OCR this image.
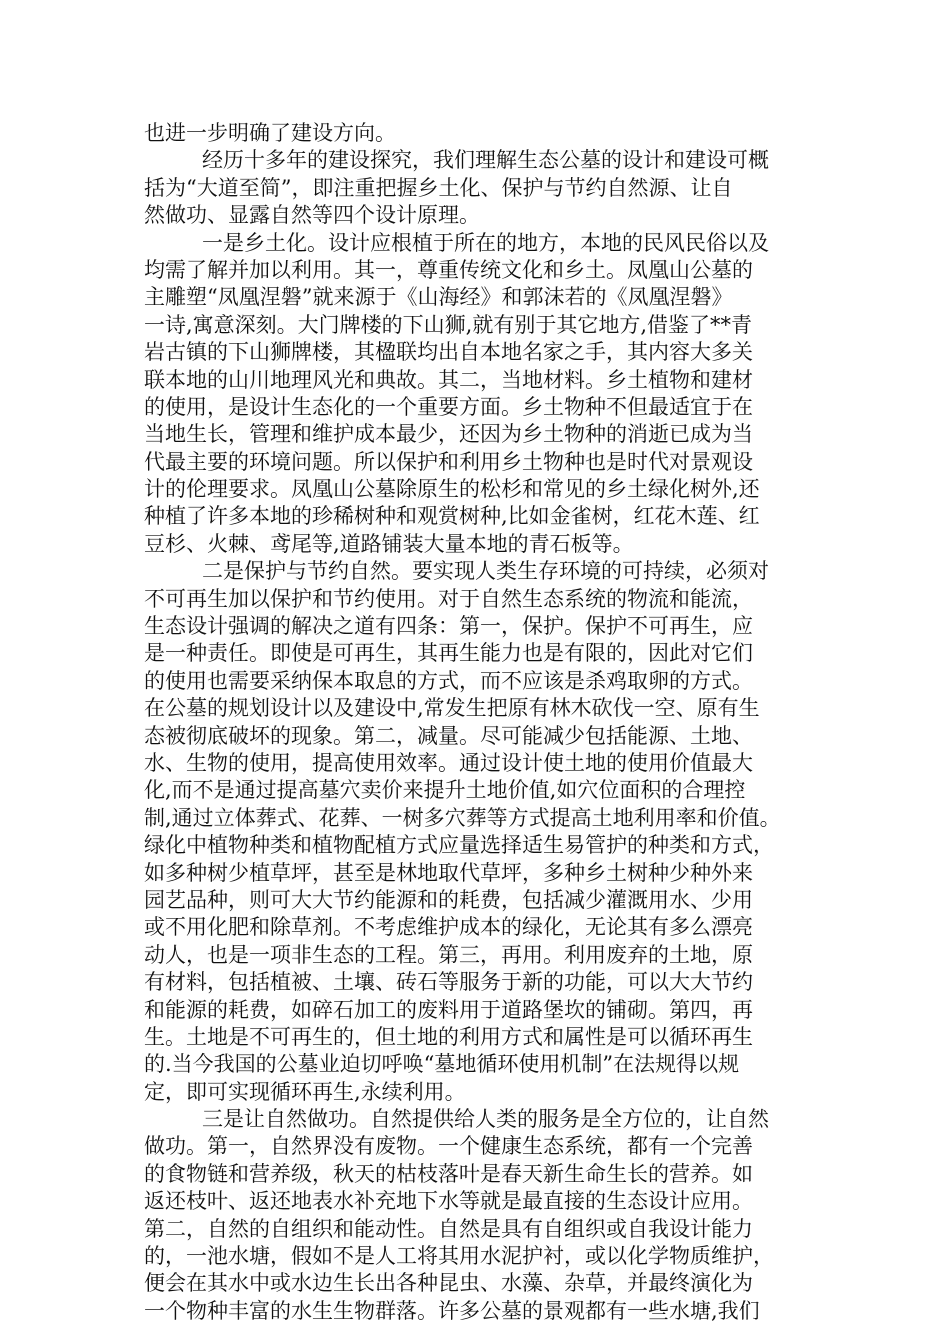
也进一步明确了建设方向。
经历十多年的建设探究，我们理解生态公墓的设计和建设可概
括为“大道至简”，即注重把握乡土化、保护与节约自然源、让自
然做功、显露自然等四个设计原理。
一是乡土化。设计应根植于所在的地方，本地的民风民俗以及
均需了解并加以利用。其一，尊重传统文化和乡土。凤凰山公墓的
主雕塑“凤凰涅磐”就来源于《山海经》和郭沫若的《凤凰涅磐》
一诗,寓意深刻。大门牌楼的下山狮,就有别于其它地方,借鉴了**青
岩古镇的下山狮牌楼，其楹联均出自本地名家之手，其内容大多关
联本地的山川地理风光和典故。其二，当地材料。乡土植物和建材
的使用，是设计生态化的一个重要方面。乡土物种不但最适宜于在
当地生长，管理和维护成本最少，还因为乡土物种的消逝已成为当
代最主要的环境问题。所以保护和利用乡土物种也是时代对景观设
计的伦理要求。凤凰山公墓除原生的松杉和常见的乡土绿化树外,还
种植了许多本地的珍稀树种和观赏树种,比如金雀树，红花木莲、红
豆杉、火棘、鸢尾等,道路铺装大量本地的青石板等。
二是保护与节约自然。要实现人类生存环境的可持续，必须对
不可再生加以保护和节约使用。对于自然生态系统的物流和能流，
生态设计强调的解决之道有四条：第一，保护。保护不可再生，应
是一种责任。即使是可再生，其再生能力也是有限的，因此对它们
的使用也需要采纳保本取息的方式，而不应该是杀鸡取卵的方式。
在公墓的规划设计以及建设中,常发生把原有林木砍伐一空、原有生
态被彻底破坏的现象。第二，减量。尽可能减少包括能源、土地、
水、生物的使用，提高使用效率。通过设计使土地的使用价值最大
化,而不是通过提高墓穴卖价来提升土地价值,如穴位面积的合理控
制,通过立体葬式、花葬、一树多穴葬等方式提高土地利用率和价值。
绿化中植物种类和植物配植方式应量选择适生易管护的种类和方式，
如多种树少植草坪，甚至是林地取代草坪，多种乡土树种少种外来
园艺品种，则可大大节约能源和的耗费，包括减少灌溉用水、少用
或不用化肥和除草剂。不考虑维护成本的绿化，无论其有多么漂亮
动人，也是一项非生态的工程。第三，再用。利用废弃的土地，原
有材料，包括植被、土壤、砖石等服务于新的功能，可以大大节约
和能源的耗费，如碎石加工的废料用于道路堡坎的铺砌。第四，再
生。土地是不可再生的，但土地的利用方式和属性是可以循环再生
的.当今我国的公墓业迫切呼唤“墓地循环使用机制”在法规得以规
定，即可实现循环再生,永续利用。
三是让自然做功。自然提供给人类的服务是全方位的，让自然
做功。第一，自然界没有废物。一个健康生态系统，都有一个完善
的食物链和营养级，秋天的枯枝落叶是春天新生命生长的营养。如
返还枝叶、返还地表水补充地下水等就是最直接的生态设计应用。
第二，自然的自组织和能动性。自然是具有自组织或自我设计能力
的，一池水塘，假如不是人工将其用水泥护衬，或以化学物质维护，
便会在其水中或水边生长出各种昆虫、水藻、杂草，并最终演化为
一个物种丰富的水生生物群落。许多公墓的景观都有一些水塘,我们
